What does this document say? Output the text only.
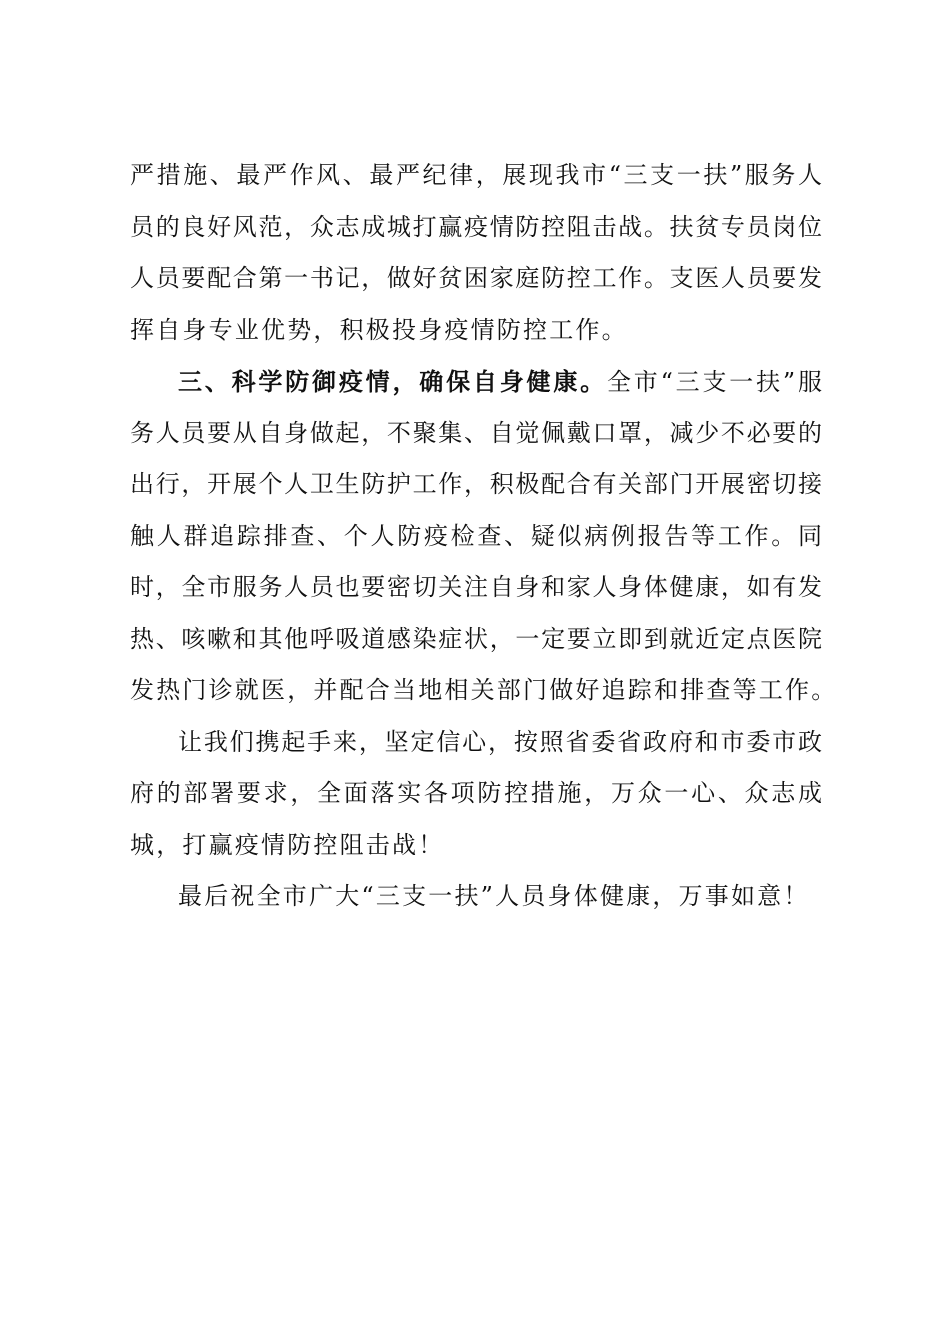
严措施、最严作风、最严纪律，展现我市“三支一扶”服务人
员的良好风范，众志成城打赢疫情防控阻击战。扶贫专员岗位
人员要配合第一书记，做好贫困家庭防控工作。支医人员要发
挥自身专业优势，积极投身疫情防控工作。
三、科学防御疫情，确保自身健康。全市“三支一扶”服
务人员要从自身做起，不聚集、自觉佩戴口罩，减少不必要的
出行，开展个人卫生防护工作，积极配合有关部门开展密切接
触人群追踪排查、个人防疫检查、疑似病例报告等工作。同
时，全市服务人员也要密切关注自身和家人身体健康，如有发
热、咳嗽和其他呼吸道感染症状，一定要立即到就近定点医院
发热门诊就医，并配合当地相关部门做好追踪和排查等工作。
让我们携起手来，坚定信心，按照省委省政府和市委市政
府的部署要求，全面落实各项防控措施，万众一心、众志成
城，打赢疫情防控阻击战！
最后祝全市广大“三支一扶”人员身体健康，万事如意！
